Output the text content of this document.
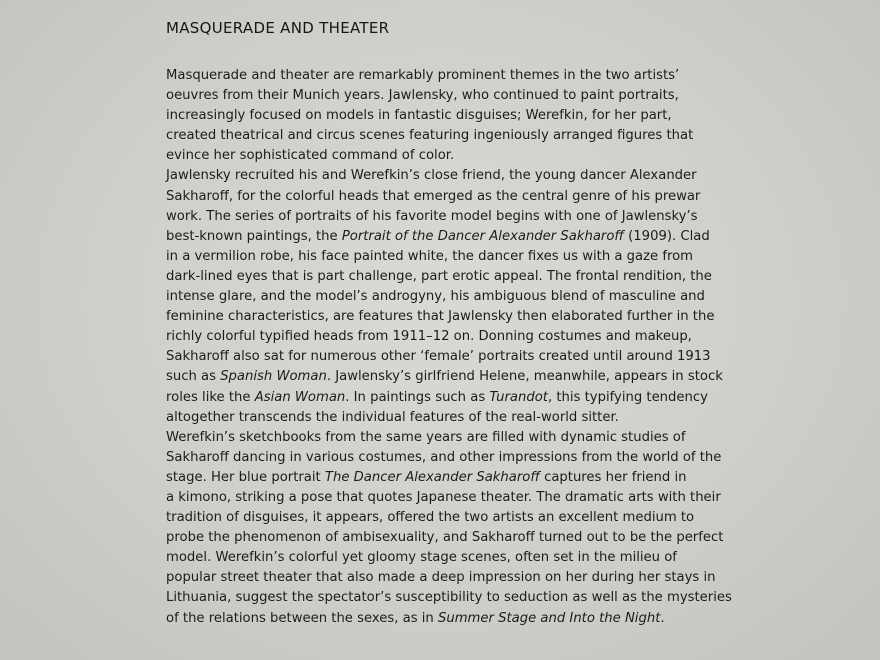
MASQUERADE AND THEATER

Masquerade and theater are remarkably prominent themes in the two artists’
oeuvres from their Munich years. Jawlensky, who continued to paint portraits,
increasingly focused on models in fantastic disguises; Werefkin, for her part,
created theatrical and circus scenes featuring ingeniously arranged figures that
evince her sophisticated command of color.

Jawlensky recruited his and Werefkin’s close friend, the young dancer Alexander
Sakharoff, for the colorful heads that emerged as the central genre of his prewar
work. The series of portraits of his favorite model begins with one of Jawlensky’s
best-known paintings, the Portrait of the Dancer Alexander Sakharoff (1909). Clad
in a vermilion robe, his face painted white, the dancer fixes us with a gaze from
dark-lined eyes that is part challenge, part erotic appeal. The frontal rendition, the
intense glare, and the model’s androgyny, his ambiguous blend of masculine and
feminine characteristics, are features that Jawlensky then elaborated further in the
richly colorful typified heads from 1911–12 on. Donning costumes and makeup,
Sakharoff also sat for numerous other ‘female’ portraits created until around 1913
such as Spanish Woman. Jawlensky’s girlfriend Helene, meanwhile, appears in stock
roles like the Asian Woman. In paintings such as Turandot, this typifying tendency
altogether transcends the individual features of the real-world sitter.

Werefkin’s sketchbooks from the same years are filled with dynamic studies of
Sakharoff dancing in various costumes, and other impressions from the world of the
stage. Her blue portrait The Dancer Alexander Sakharoff captures her friend in
a kimono, striking a pose that quotes Japanese theater. The dramatic arts with their
tradition of disguises, it appears, offered the two artists an excellent medium to
probe the phenomenon of ambisexuality, and Sakharoff turned out to be the perfect
model. Werefkin’s colorful yet gloomy stage scenes, often set in the milieu of
popular street theater that also made a deep impression on her during her stays in
Lithuania, suggest the spectator’s susceptibility to seduction as well as the mysteries
of the relations between the sexes, as in Summer Stage and Into the Night.
